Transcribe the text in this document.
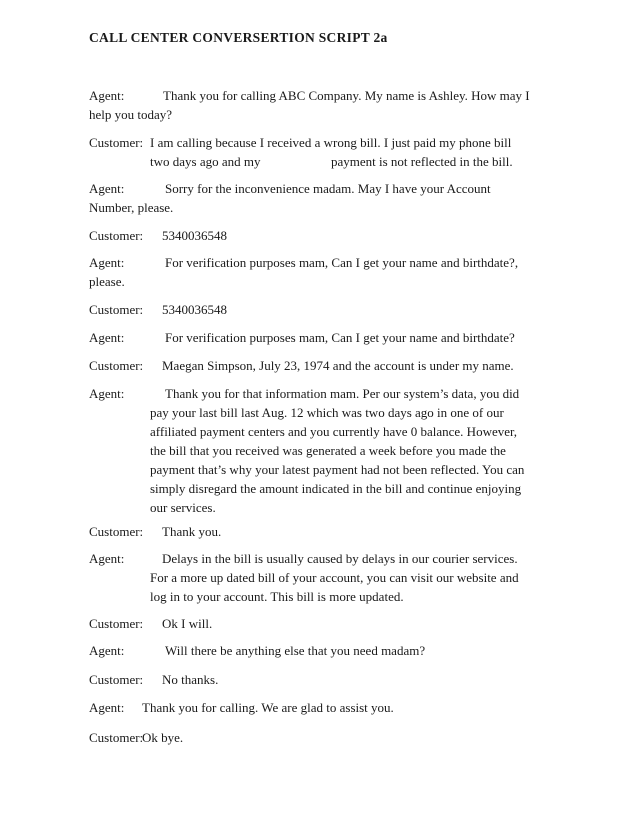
CALL CENTER CONVERSERTION SCRIPT 2a
Agent:	Thank you for calling ABC Company. My name is Ashley. How may I
help you today?
Customer: I am calling because I received a wrong bill. I just paid my phone bill
two days ago and my	payment is not reflected in the bill.
Agent:	Sorry for the inconvenience madam. May I have your Account
Number, please.
Customer: 5340036548
Agent:	For verification purposes mam, Can I get your name and birthdate?,
please.
Customer: 5340036548
Agent:	For verification purposes mam, Can I get your name and birthdate?
Customer: Maegan Simpson, July 23, 1974 and the account is under my name.
Agent:	Thank you for that information mam. Per our system’s data, you did
pay your last bill last Aug. 12 which was two days ago in one of our
affiliated payment centers and you currently have 0 balance. However,
the bill that you received was generated a week before you made the
payment that’s why your latest payment had not been reflected. You can
simply disregard the amount indicated in the bill and continue enjoying
our services.
Customer: Thank you.
Agent:	Delays in the bill is usually caused by delays in our courier services.
For a more up dated bill of your account, you can visit our website and
log in to your account. This bill is more updated.
Customer: Ok I will.
Agent:	Will there be anything else that you need madam?
Customer: No thanks.
Agent: Thank you for calling. We are glad to assist you.
Customer:
Ok bye.
